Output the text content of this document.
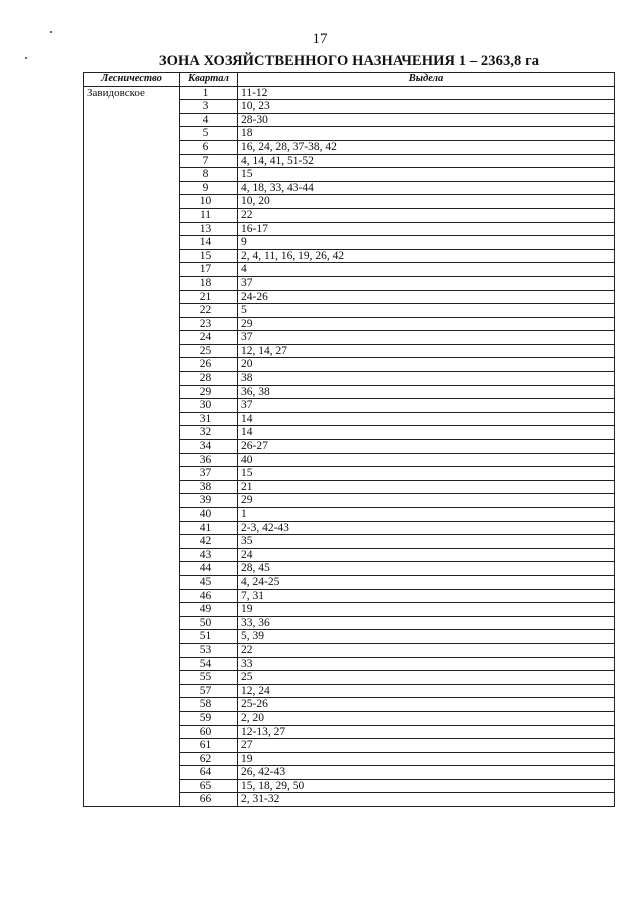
17
ЗОНА ХОЗЯЙСТВЕННОГО НАЗНАЧЕНИЯ 1 – 2363,8 га
Лесничество	Квартал	Выдела
Завидовское	1	11-12
	3	10, 23
	4	28-30
	5	18
	6	16, 24, 28, 37-38, 42
	7	4, 14, 41, 51-52
	8	15
	9	4, 18, 33, 43-44
	10	10, 20
	11	22
	13	16-17
	14	9
	15	2, 4, 11, 16, 19, 26, 42
	17	4
	18	37
	21	24-26
	22	5
	23	29
	24	37
	25	12, 14, 27
	26	20
	28	38
	29	36, 38
	30	37
	31	14
	32	14
	34	26-27
	36	40
	37	15
	38	21
	39	29
	40	1
	41	2-3, 42-43
	42	35
	43	24
	44	28, 45
	45	4, 24-25
	46	7, 31
	49	19
	50	33, 36
	51	5, 39
	53	22
	54	33
	55	25
	57	12, 24
	58	25-26
	59	2, 20
	60	12-13, 27
	61	27
	62	19
	64	26, 42-43
	65	15, 18, 29, 50
	66	2, 31-32
